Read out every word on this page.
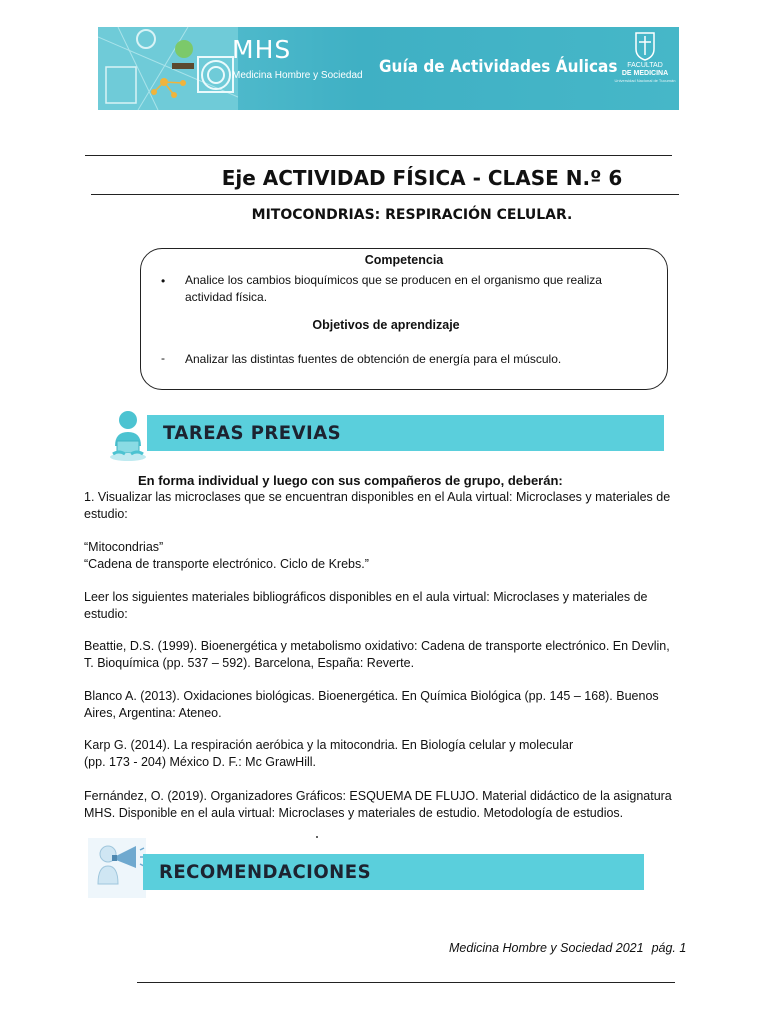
MHS
Medicina Hombre y Sociedad Guía de Actividades Áulicas	FACULTAD
DE MEDICINA
Universidad Nacional de Tucumán
Eje ACTIVIDAD FÍSICA - CLASE N.º 6
MITOCONDRIAS: RESPIRACIÓN CELULAR.
Competencia
• Analice los cambios bioquímicos que se producen en el organismo que realiza
actividad física.
Objetivos de aprendizaje
- Analizar las distintas fuentes de obtención de energía para el músculo.
TAREAS PREVIAS
En forma individual y luego con sus compañeros de grupo, deberán:
1. Visualizar las microclases que se encuentran disponibles en el Aula virtual: Microclases y materiales de
estudio:
“Mitocondrias”
“Cadena de transporte electrónico. Ciclo de Krebs.”
Leer los siguientes materiales bibliográficos disponibles en el aula virtual: Microclases y materiales de
estudio:
Beattie, D.S. (1999). Bioenergética y metabolismo oxidativo: Cadena de transporte electrónico. En Devlin,
T. Bioquímica (pp. 537 – 592). Barcelona, España: Reverte.
Blanco A. (2013). Oxidaciones biológicas. Bioenergética. En Química Biológica (pp. 145 – 168). Buenos
Aires, Argentina: Ateneo.
Karp G. (2014). La respiración aeróbica y la mitocondria. En Biología celular y molecular
(pp. 173 - 204) México D. F.: Mc GrawHill.
Fernández, O. (2019). Organizadores Gráficos: ESQUEMA DE FLUJO. Material didáctico de la asignatura
MHS. Disponible en el aula virtual: Microclases y materiales de estudio. Metodología de estudios.
RECOMENDACIONES
Medicina Hombre y Sociedad 2021 pág. 1
